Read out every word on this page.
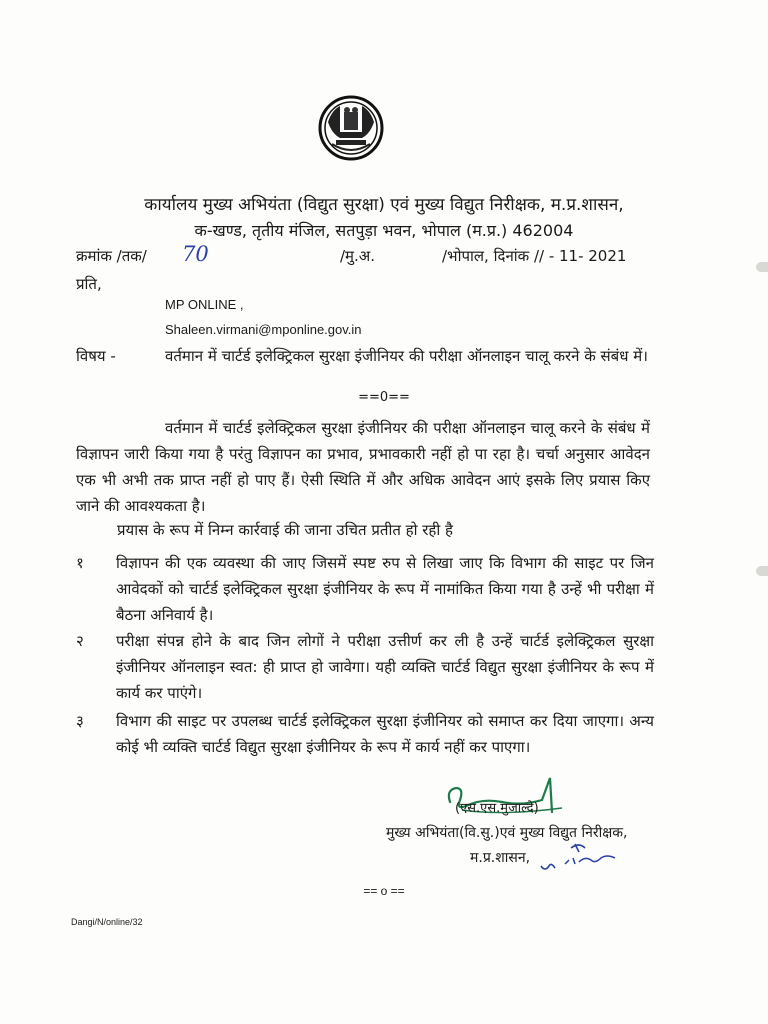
कार्यालय मुख्य अभियंता (विद्युत सुरक्षा) एवं मुख्य विद्युत निरीक्षक, म.प्र.शासन,
क-खण्ड, तृतीय मंजिल, सतपुड़ा भवन, भोपाल (म.प्र.) 462004
क्रमांक /तक/ 70	/मु.अ.	/भोपाल, दिनांक // - 11- 2021
प्रति,
MP ONLINE ,
Shaleen.virmani@mponline.gov.in
विषय -	वर्तमान में चार्टर्ड इलेक्ट्रिकल सुरक्षा इंजीनियर की परीक्षा ऑनलाइन चालू करने के संबंध में।
==0==
वर्तमान में चार्टर्ड इलेक्ट्रिकल सुरक्षा इंजीनियर की परीक्षा ऑनलाइन चालू करने के संबंध में विज्ञापन जारी किया गया है परंतु विज्ञापन का प्रभाव, प्रभावकारी नहीं हो पा रहा है। चर्चा अनुसार आवेदन एक भी अभी तक प्राप्त नहीं हो पाए हैं। ऐसी स्थिति में और अधिक आवेदन आएं इसके लिए प्रयास किए जाने की आवश्यकता है।
प्रयास के रूप में निम्न कार्रवाई की जाना उचित प्रतीत हो रही है
१	विज्ञापन की एक व्यवस्था की जाए जिसमें स्पष्ट रुप से लिखा जाए कि विभाग की साइट पर जिन आवेदकों को चार्टर्ड इलेक्ट्रिकल सुरक्षा इंजीनियर के रूप में नामांकित किया गया है उन्हें भी परीक्षा में बैठना अनिवार्य है।
२	परीक्षा संपन्न होने के बाद जिन लोगों ने परीक्षा उत्तीर्ण कर ली है उन्हें चार्टर्ड इलेक्ट्रिकल सुरक्षा इंजीनियर ऑनलाइन स्वत: ही प्राप्त हो जावेगा। यही व्यक्ति चार्टर्ड विद्युत सुरक्षा इंजीनियर के रूप में कार्य कर पाएंगे।
३	विभाग की साइट पर उपलब्ध चार्टर्ड इलेक्ट्रिकल सुरक्षा इंजीनियर को समाप्त कर दिया जाएगा। अन्य कोई भी व्यक्ति चार्टर्ड विद्युत सुरक्षा इंजीनियर के रूप में कार्य नहीं कर पाएगा।
(एस.एस.मुजाल्दे)
मुख्य अभियंता(वि.सु.)एवं मुख्य विद्युत निरीक्षक,
म.प्र.शासन,
== o ==
Dangi/N/online/32
